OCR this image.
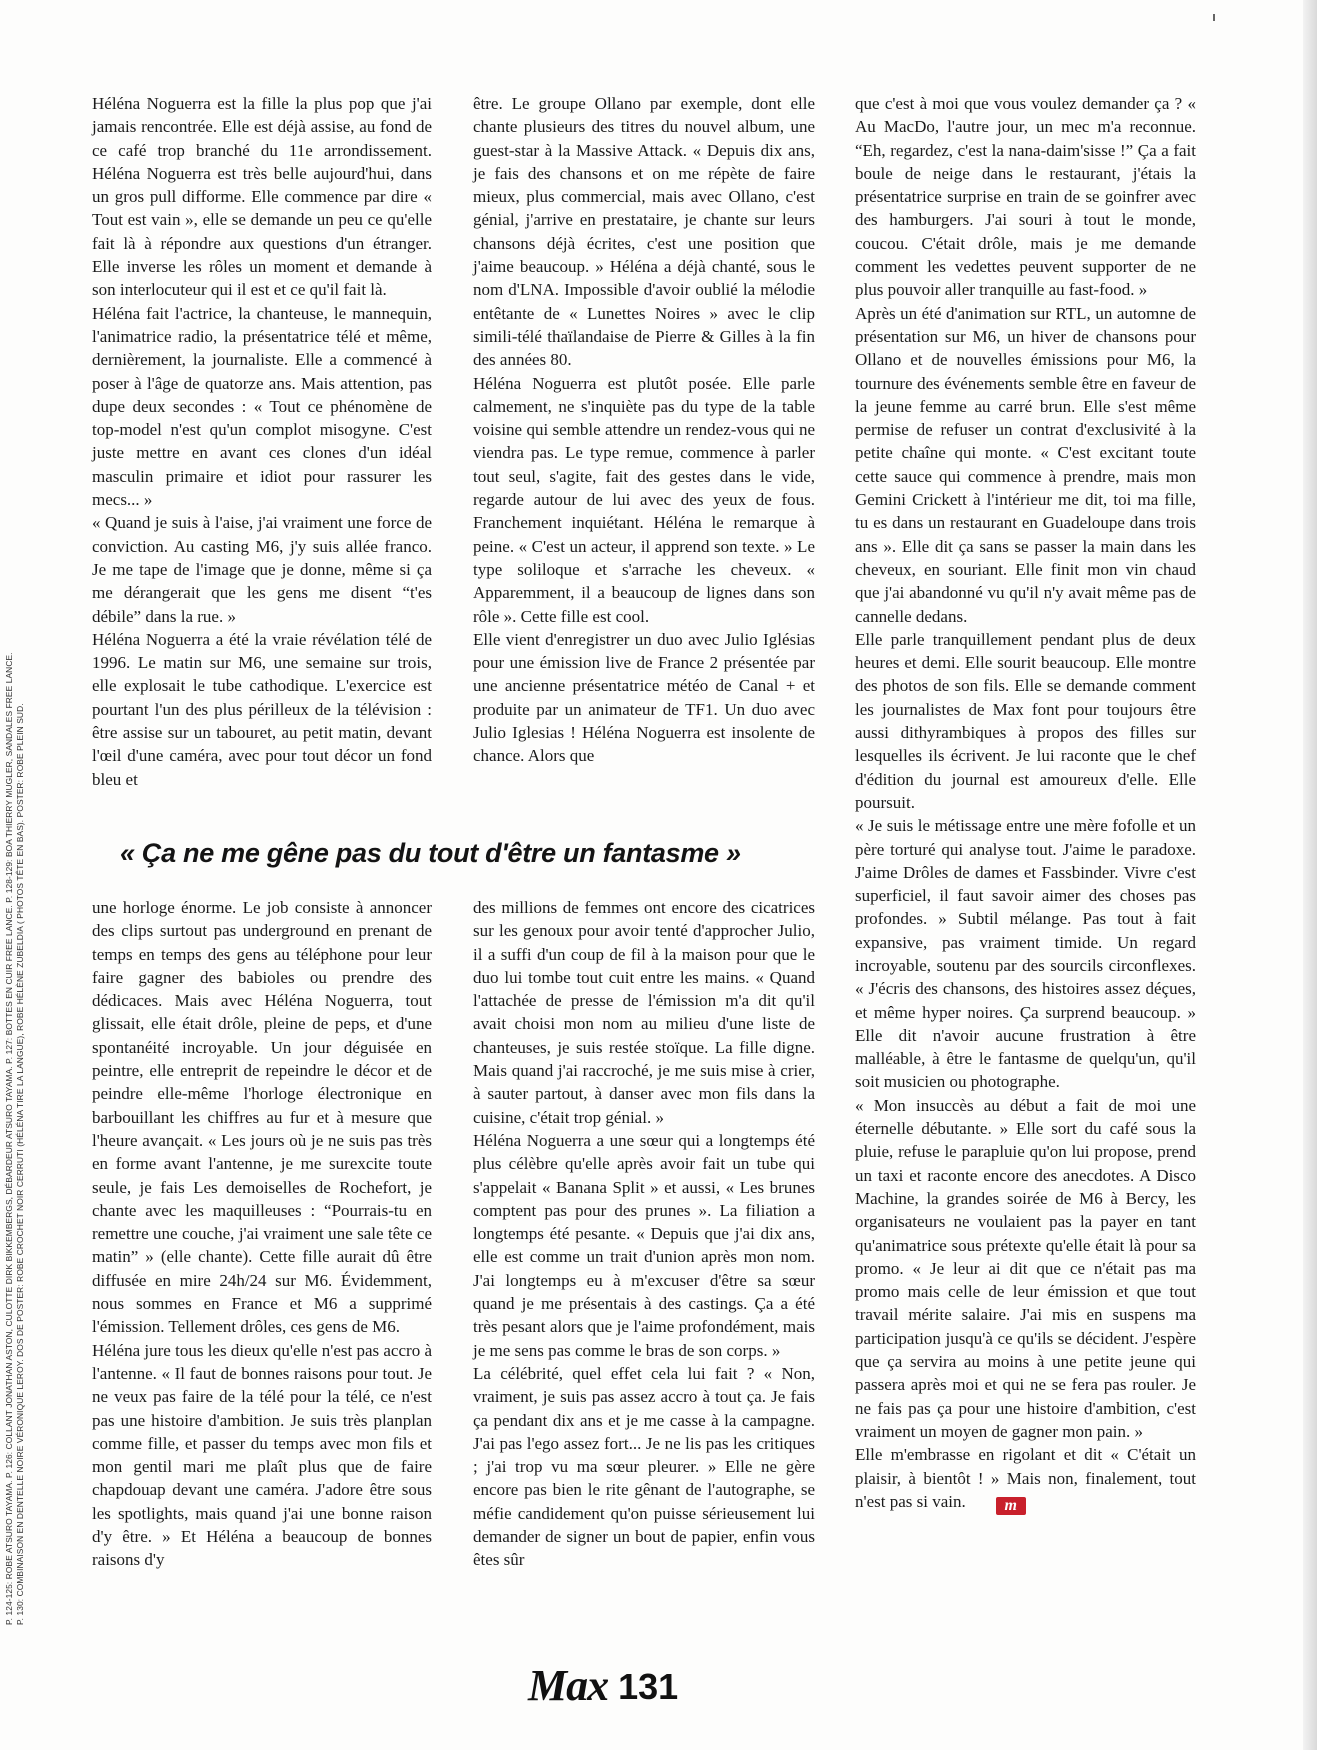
P. 124-125: ROBE ATSURO TAYAMA. P. 126: COLLANT JONATHAN ASTON, CULOTTE DIRK BIKKEMBERGS, DÉBARDEUR ATSURO TAYAMA. P. 127: BOTTES EN CUIR FREE LANCE. P. 128-129: BOA THIERRY MUGLER, SANDALES FREE LANCE. P. 130: COMBINAISON EN DENTELLE NOIRE VÉRONIQUE LEROY. DOS DE POSTER: ROBE CROCHET NOIR CERRUTI (HÉLÉNA TIRE LA LANGUE), ROBE HÉLÈNE ZUBELDIA ( PHOTOS TÊTE EN BAS). POSTER: ROBE PLEIN SUD.

Héléna Noguerra est la fille la plus pop que j'ai jamais rencontrée. Elle est déjà assise, au fond de ce café trop branché du 11e arrondissement. Héléna Noguerra est très belle aujourd'hui, dans un gros pull difforme. Elle commence par dire « Tout est vain », elle se demande un peu ce qu'elle fait là à répondre aux questions d'un étranger. Elle inverse les rôles un moment et demande à son interlocuteur qui il est et ce qu'il fait là.

Héléna fait l'actrice, la chanteuse, le mannequin, l'animatrice radio, la présentatrice télé et même, dernièrement, la journaliste. Elle a commencé à poser à l'âge de quatorze ans. Mais attention, pas dupe deux secondes : « Tout ce phénomène de top-model n'est qu'un complot misogyne. C'est juste mettre en avant ces clones d'un idéal masculin primaire et idiot pour rassurer les mecs... »

« Quand je suis à l'aise, j'ai vraiment une force de conviction. Au casting M6, j'y suis allée franco. Je me tape de l'image que je donne, même si ça me dérangerait que les gens me disent “t'es débile” dans la rue. »

Héléna Noguerra a été la vraie révélation télé de 1996. Le matin sur M6, une semaine sur trois, elle explosait le tube cathodique. L'exercice est pourtant l'un des plus périlleux de la télévision : être assise sur un tabouret, au petit matin, devant l'œil d'une caméra, avec pour tout décor un fond bleu et

être. Le groupe Ollano par exemple, dont elle chante plusieurs des titres du nouvel album, une guest-star à la Massive Attack. « Depuis dix ans, je fais des chansons et on me répète de faire mieux, plus commercial, mais avec Ollano, c'est génial, j'arrive en prestataire, je chante sur leurs chansons déjà écrites, c'est une position que j'aime beaucoup. » Héléna a déjà chanté, sous le nom d'LNA. Impossible d'avoir oublié la mélodie entêtante de « Lunettes Noires » avec le clip simili-télé thaïlandaise de Pierre & Gilles à la fin des années 80.

Héléna Noguerra est plutôt posée. Elle parle calmement, ne s'inquiète pas du type de la table voisine qui semble attendre un rendez-vous qui ne viendra pas. Le type remue, commence à parler tout seul, s'agite, fait des gestes dans le vide, regarde autour de lui avec des yeux de fous. Franchement inquiétant. Héléna le remarque à peine. « C'est un acteur, il apprend son texte. » Le type soliloque et s'arrache les cheveux. « Apparemment, il a beaucoup de lignes dans son rôle ». Cette fille est cool.

Elle vient d'enregistrer un duo avec Julio Iglésias pour une émission live de France 2 présentée par une ancienne présentatrice météo de Canal + et produite par un animateur de TF1. Un duo avec Julio Iglesias ! Héléna Noguerra est insolente de chance. Alors que

« Ça ne me gêne pas du tout d'être un fantasme »

une horloge énorme. Le job consiste à annoncer des clips surtout pas underground en prenant de temps en temps des gens au téléphone pour leur faire gagner des babioles ou prendre des dédicaces. Mais avec Héléna Noguerra, tout glissait, elle était drôle, pleine de peps, et d'une spontanéité incroyable. Un jour déguisée en peintre, elle entreprit de repeindre le décor et de peindre elle-même l'horloge électronique en barbouillant les chiffres au fur et à mesure que l'heure avançait. « Les jours où je ne suis pas très en forme avant l'antenne, je me surexcite toute seule, je fais Les demoiselles de Rochefort, je chante avec les maquilleuses : “Pourrais-tu en remettre une couche, j'ai vraiment une sale tête ce matin” » (elle chante). Cette fille aurait dû être diffusée en mire 24h/24 sur M6. Évidemment, nous sommes en France et M6 a supprimé l'émission. Tellement drôles, ces gens de M6.

Héléna jure tous les dieux qu'elle n'est pas accro à l'antenne. « Il faut de bonnes raisons pour tout. Je ne veux pas faire de la télé pour la télé, ce n'est pas une histoire d'ambition. Je suis très planplan comme fille, et passer du temps avec mon fils et mon gentil mari me plaît plus que de faire chapdouap devant une caméra. J'adore être sous les spotlights, mais quand j'ai une bonne raison d'y être. » Et Héléna a beaucoup de bonnes raisons d'y

des millions de femmes ont encore des cicatrices sur les genoux pour avoir tenté d'approcher Julio, il a suffi d'un coup de fil à la maison pour que le duo lui tombe tout cuit entre les mains. « Quand l'attachée de presse de l'émission m'a dit qu'il avait choisi mon nom au milieu d'une liste de chanteuses, je suis restée stoïque. La fille digne. Mais quand j'ai raccroché, je me suis mise à crier, à sauter partout, à danser avec mon fils dans la cuisine, c'était trop génial. »

Héléna Noguerra a une sœur qui a longtemps été plus célèbre qu'elle après avoir fait un tube qui s'appelait « Banana Split » et aussi, « Les brunes comptent pas pour des prunes ». La filiation a longtemps été pesante. « Depuis que j'ai dix ans, elle est comme un trait d'union après mon nom. J'ai longtemps eu à m'excuser d'être sa sœur quand je me présentais à des castings. Ça a été très pesant alors que je l'aime profondément, mais je me sens pas comme le bras de son corps. »

La célébrité, quel effet cela lui fait ? « Non, vraiment, je suis pas assez accro à tout ça. Je fais ça pendant dix ans et je me casse à la campagne. J'ai pas l'ego assez fort... Je ne lis pas les critiques ; j'ai trop vu ma sœur pleurer. » Elle ne gère encore pas bien le rite gênant de l'autographe, se méfie candidement qu'on puisse sérieusement lui demander de signer un bout de papier, enfin vous êtes sûr

que c'est à moi que vous voulez demander ça ? « Au MacDo, l'autre jour, un mec m'a reconnue. “Eh, regardez, c'est la nana-daim'sisse !” Ça a fait boule de neige dans le restaurant, j'étais la présentatrice surprise en train de se goinfrer avec des hamburgers. J'ai souri à tout le monde, coucou. C'était drôle, mais je me demande comment les vedettes peuvent supporter de ne plus pouvoir aller tranquille au fast-food. »

Après un été d'animation sur RTL, un automne de présentation sur M6, un hiver de chansons pour Ollano et de nouvelles émissions pour M6, la tournure des événements semble être en faveur de la jeune femme au carré brun. Elle s'est même permise de refuser un contrat d'exclusivité à la petite chaîne qui monte. « C'est excitant toute cette sauce qui commence à prendre, mais mon Gemini Crickett à l'intérieur me dit, toi ma fille, tu es dans un restaurant en Guadeloupe dans trois ans ». Elle dit ça sans se passer la main dans les cheveux, en souriant. Elle finit mon vin chaud que j'ai abandonné vu qu'il n'y avait même pas de cannelle dedans.

Elle parle tranquillement pendant plus de deux heures et demi. Elle sourit beaucoup. Elle montre des photos de son fils. Elle se demande comment les journalistes de Max font pour toujours être aussi dithyrambiques à propos des filles sur lesquelles ils écrivent. Je lui raconte que le chef d'édition du journal est amoureux d'elle. Elle poursuit.

« Je suis le métissage entre une mère fofolle et un père torturé qui analyse tout. J'aime le paradoxe. J'aime Drôles de dames et Fassbinder. Vivre c'est superficiel, il faut savoir aimer des choses pas profondes. » Subtil mélange. Pas tout à fait expansive, pas vraiment timide. Un regard incroyable, soutenu par des sourcils circonflexes. « J'écris des chansons, des histoires assez déçues, et même hyper noires. Ça surprend beaucoup. » Elle dit n'avoir aucune frustration à être malléable, à être le fantasme de quelqu'un, qu'il soit musicien ou photographe.

« Mon insuccès au début a fait de moi une éternelle débutante. » Elle sort du café sous la pluie, refuse le parapluie qu'on lui propose, prend un taxi et raconte encore des anecdotes. A Disco Machine, la grandes soirée de M6 à Bercy, les organisateurs ne voulaient pas la payer en tant qu'animatrice sous prétexte qu'elle était là pour sa promo. « Je leur ai dit que ce n'était pas ma promo mais celle de leur émission et que tout travail mérite salaire. J'ai mis en suspens ma participation jusqu'à ce qu'ils se décident. J'espère que ça servira au moins à une petite jeune qui passera après moi et qui ne se fera pas rouler. Je ne fais pas ça pour une histoire d'ambition, c'est vraiment un moyen de gagner mon pain. »

Elle m'embrasse en rigolant et dit « C'était un plaisir, à bientôt ! » Mais non, finalement, tout n'est pas si vain. m

Max 131
